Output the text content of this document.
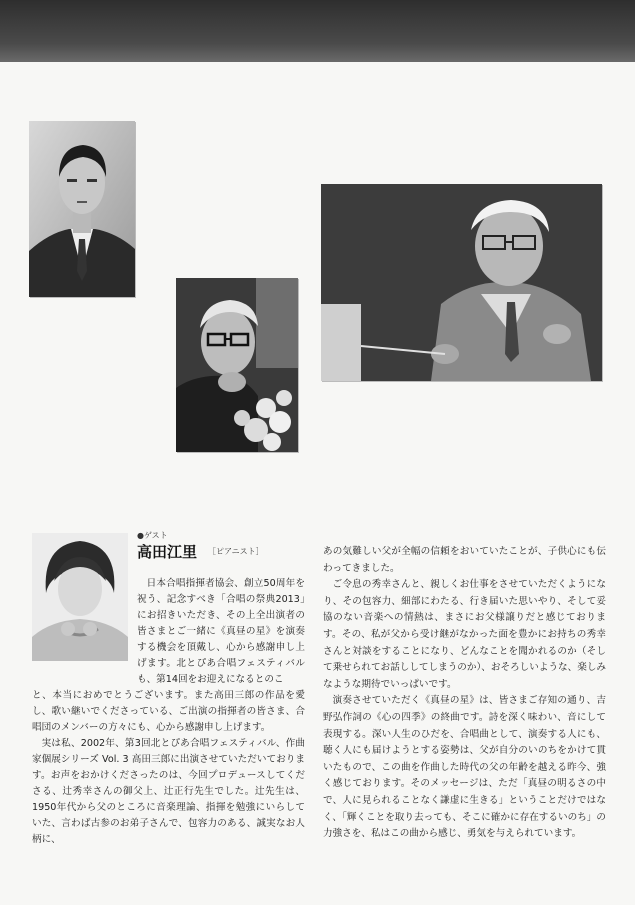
●ゲスト
高田江里 ［ピアニスト］

日本合唱指揮者協会、創立50周年を祝う、記念すべき「合唱の祭典2013」にお招きいただき、その上全出演者の皆さまとご一緒に《真昼の星》を演奏する機会を頂戴し、心から感謝申し上げます。北とぴあ合唱フェスティバルも、第14回をお迎えになるとのこ

と、本当におめでとうございます。また高田三郎の作品を愛し、歌い継いでくださっている、ご出演の指揮者の皆さま、合唱団のメンバーの方々にも、心から感謝申し上げます。

実は私、2002年、第3回北とぴあ合唱フェスティバル、作曲家個展シリーズ Vol. 3 高田三郎に出演させていただいております。お声をおかけくださったのは、今回プロデュースしてくださる、辻秀幸さんの御父上、辻正行先生でした。辻先生は、1950年代から父のところに音楽理論、指揮を勉強にいらしていた、言わば古参のお弟子さんで、包容力のある、誠実なお人柄に、

あの気難しい父が全幅の信頼をおいていたことが、子供心にも伝わってきました。

ご令息の秀幸さんと、親しくお仕事をさせていただくようになり、その包容力、細部にわたる、行き届いた思いやり、そして妥協のない音楽への情熱は、まさにお父様譲りだと感じております。その、私が父から受け継がなかった面を豊かにお持ちの秀幸さんと対談をすることになり、どんなことを聞かれるのか（そして乗せられてお話ししてしまうのか）、おそろしいような、楽しみなような期待でいっぱいです。

演奏させていただく《真昼の星》は、皆さまご存知の通り、吉野弘作詞の《心の四季》の終曲です。詩を深く味わい、音にして表現する。深い人生のひだを、合唱曲として、演奏する人にも、聴く人にも届けようとする姿勢は、父が自分のいのちをかけて貫いたもので、この曲を作曲した時代の父の年齢を越える昨今、強く感じております。そのメッセージは、ただ「真昼の明るさの中で、人に見られることなく謙虚に生きる」ということだけではなく、「輝くことを取り去っても、そこに確かに存在するいのち」の力強さを、私はこの曲から感じ、勇気を与えられています。
